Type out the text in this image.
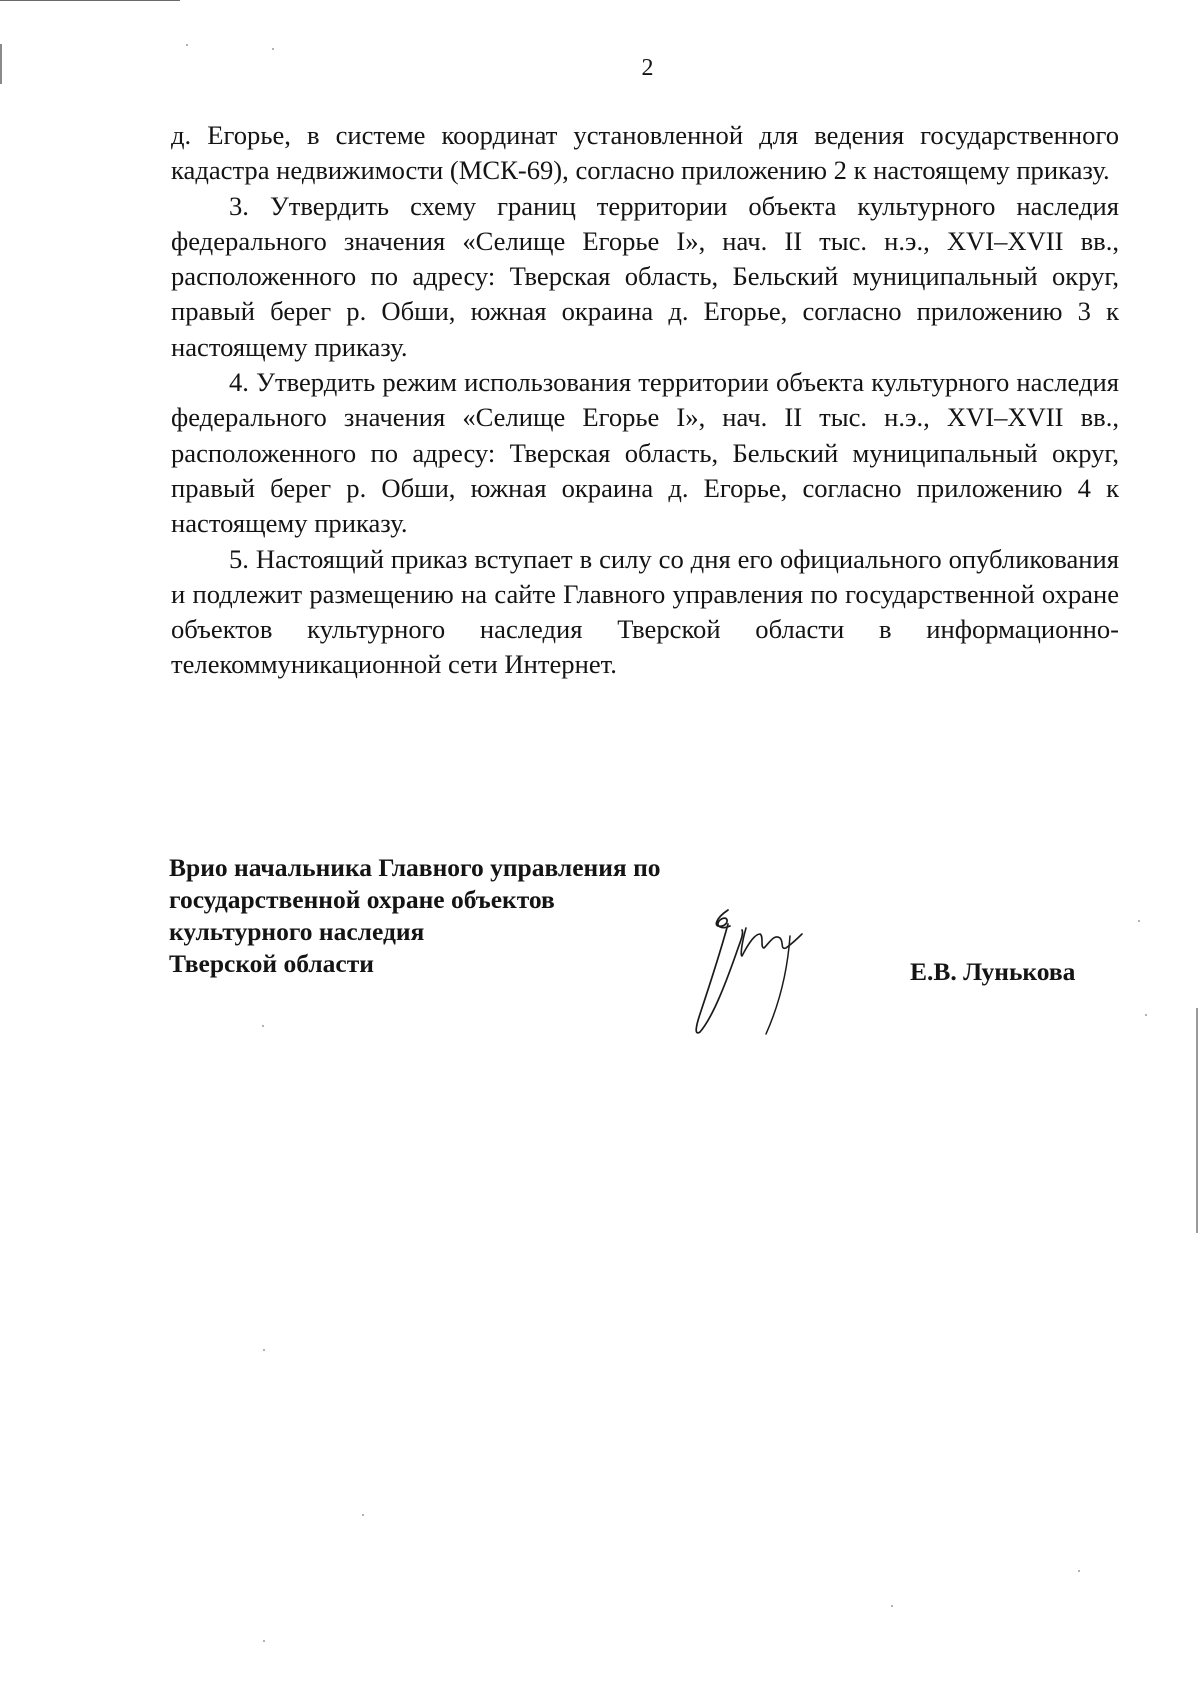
2

д. Егорье, в системе координат установленной для ведения государственного кадастра недвижимости (МСК-69), согласно приложению 2 к настоящему приказу.

3. Утвердить схему границ территории объекта культурного наследия федерального значения «Селище Егорье I», нач. II тыс. н.э., XVI–XVII вв., расположенного по адресу: Тверская область, Бельский муниципальный округ, правый берег р. Обши, южная окраина д. Егорье, согласно приложению 3 к настоящему приказу.

4. Утвердить режим использования территории объекта культурного наследия федерального значения «Селище Егорье I», нач. II тыс. н.э., XVI–XVII вв., расположенного по адресу: Тверская область, Бельский муниципальный округ, правый берег р. Обши, южная окраина д. Егорье, согласно приложению 4 к настоящему приказу.

5. Настоящий приказ вступает в силу со дня его официального опубликования и подлежит размещению на сайте Главного управления по государственной охране объектов культурного наследия Тверской области в информационно-телекоммуникационной сети Интернет.

Врио начальника Главного управления по
государственной охране объектов
культурного наследия
Тверской области	Е.В. Лунькова
